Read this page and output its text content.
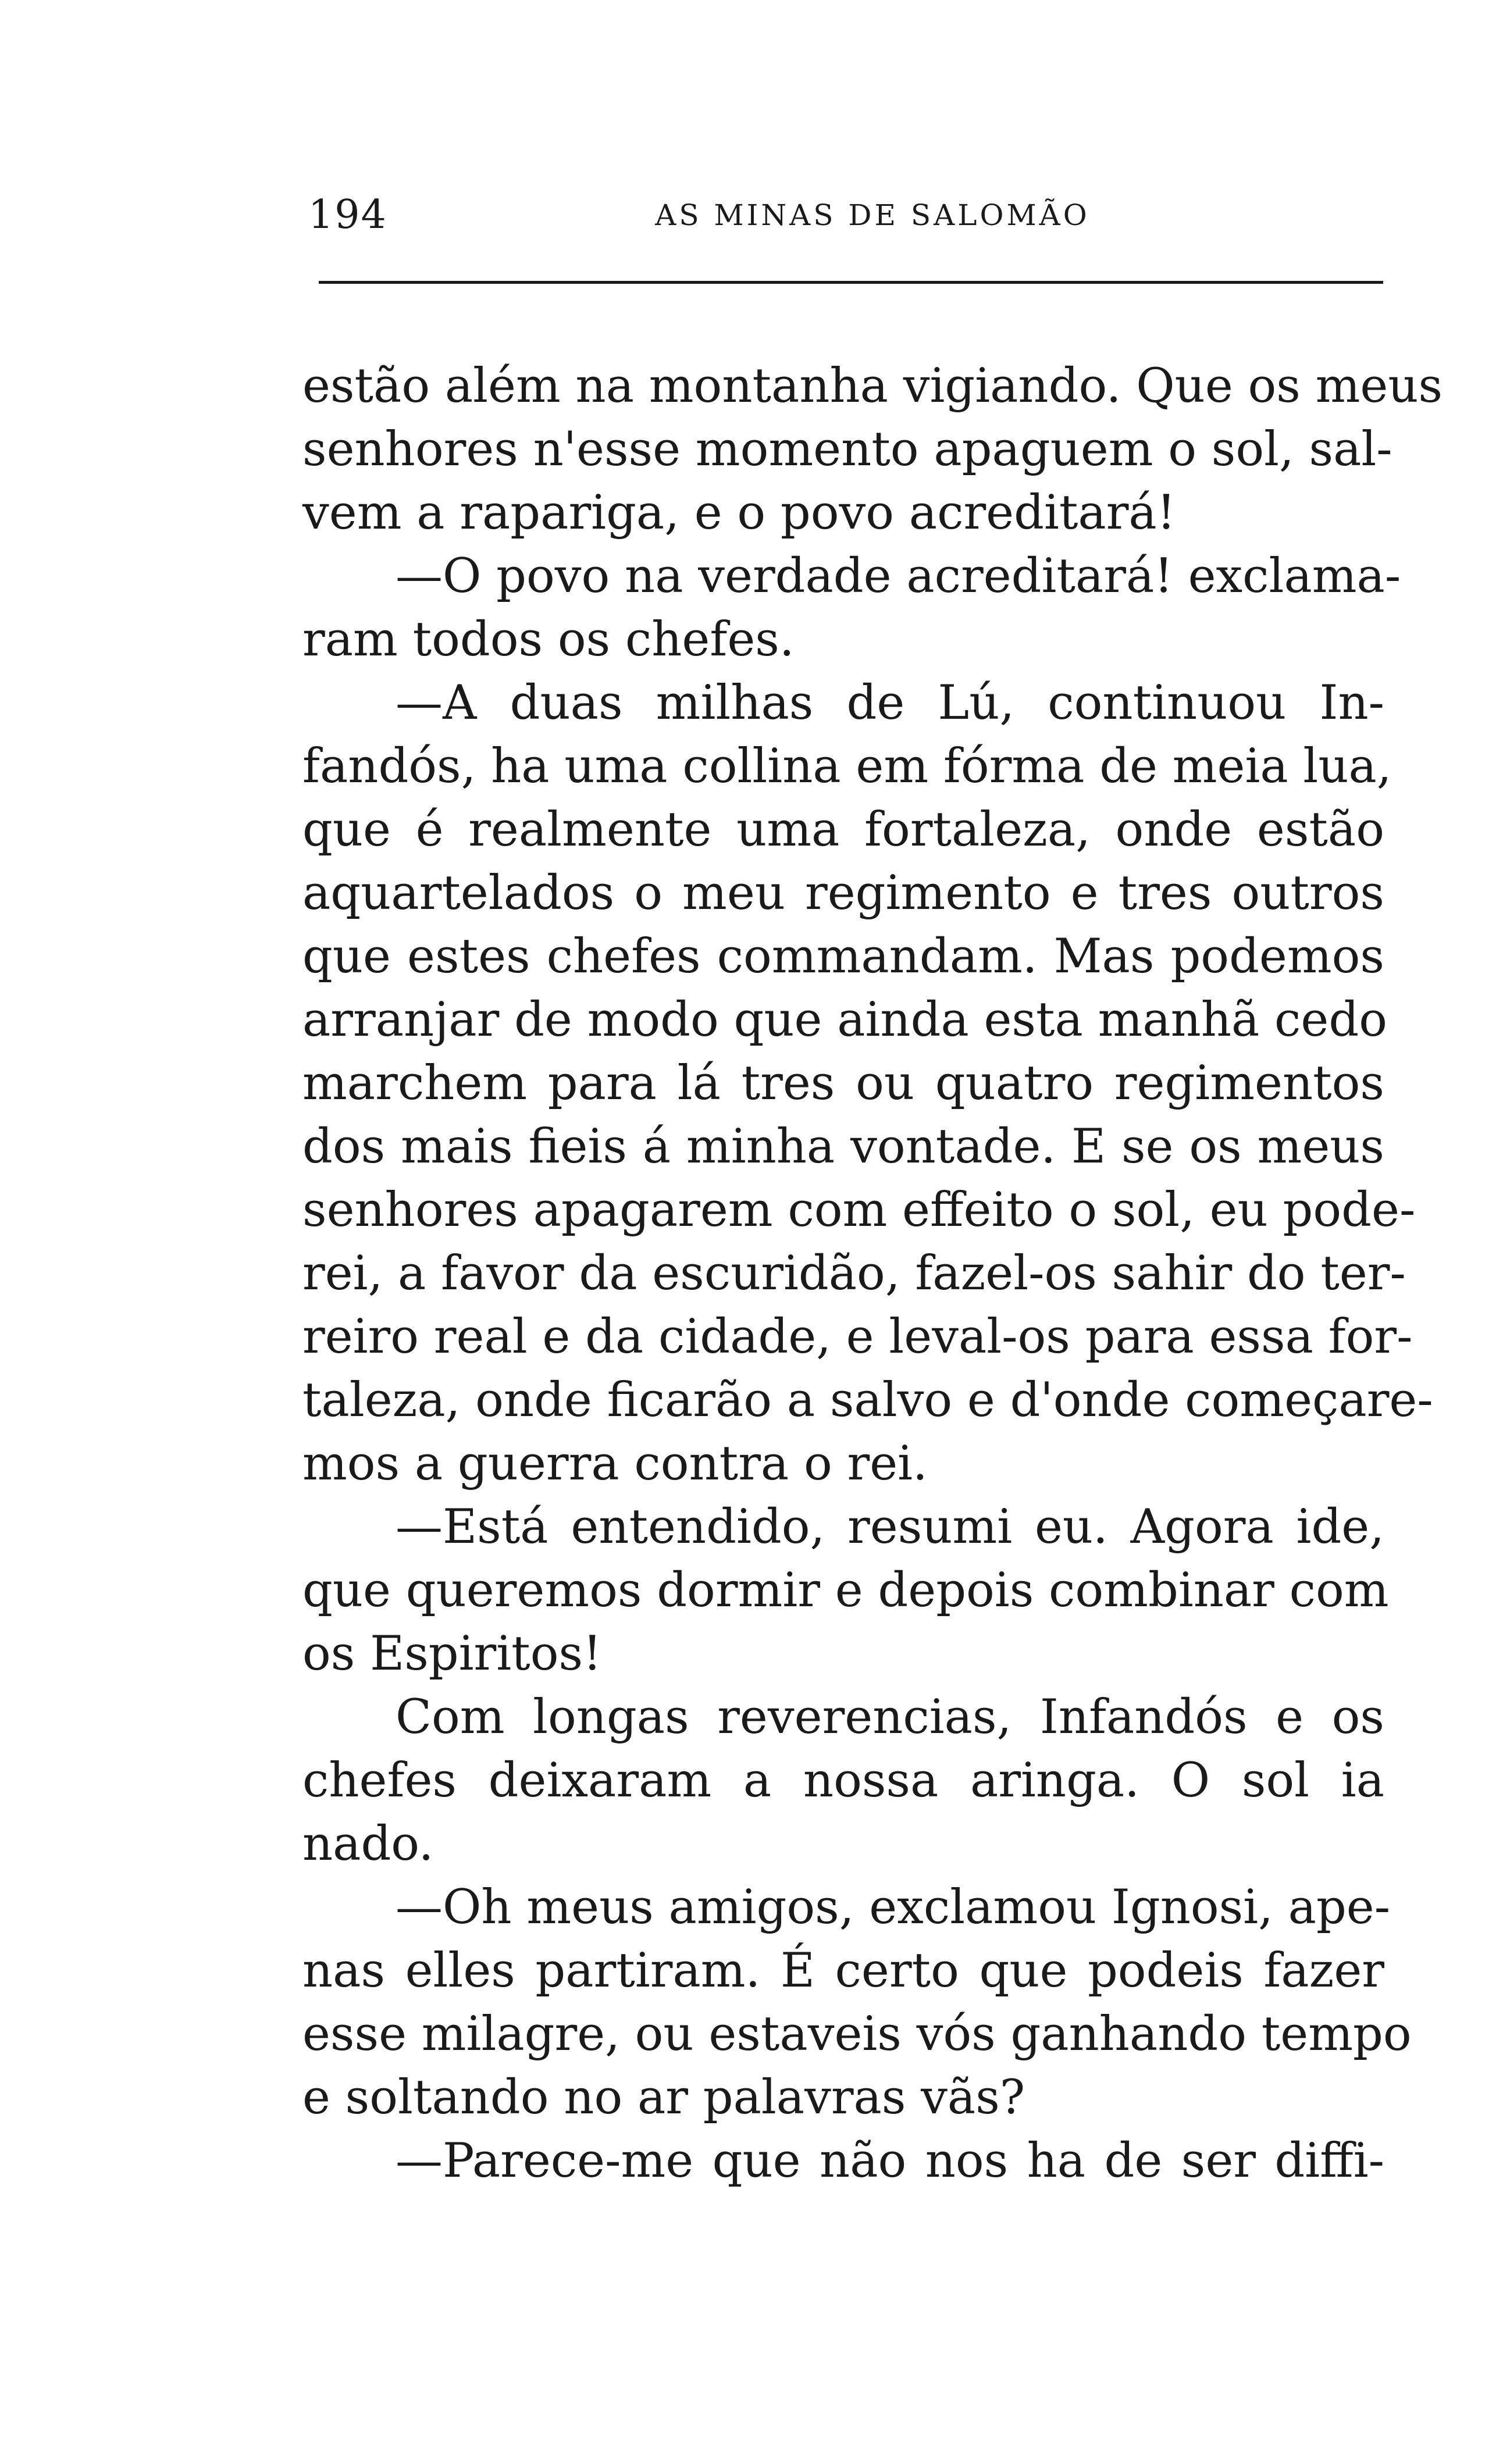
194	AS MINAS DE SALOMÃO
estão além na montanha vigiando. Que os meus
senhores n'esse momento apaguem o sol, sal-
vem a rapariga, e o povo acreditará!
—O povo na verdade acreditará! exclama-
ram todos os chefes.
—A duas milhas de Lú, continuou In-
fandós, ha uma collina em fórma de meia lua,
que é realmente uma fortaleza, onde estão
aquartelados o meu regimento e tres outros
que estes chefes commandam. Mas podemos
arranjar de modo que ainda esta manhã cedo
marchem para lá tres ou quatro regimentos
dos mais fieis á minha vontade. E se os meus
senhores apagarem com effeito o sol, eu pode-
rei, a favor da escuridão, fazel-os sahir do ter-
reiro real e da cidade, e leval-os para essa for-
taleza, onde ficarão a salvo e d'onde começare-
mos a guerra contra o rei.
—Está entendido, resumi eu. Agora ide,
que queremos dormir e depois combinar com
os Espiritos!
Com longas reverencias, Infandós e os
chefes deixaram a nossa aringa. O sol ia
nado.
—Oh meus amigos, exclamou Ignosi, ape-
nas elles partiram. É certo que podeis fazer
esse milagre, ou estaveis vós ganhando tempo
e soltando no ar palavras vãs?
—Parece-me que não nos ha de ser diffi-
